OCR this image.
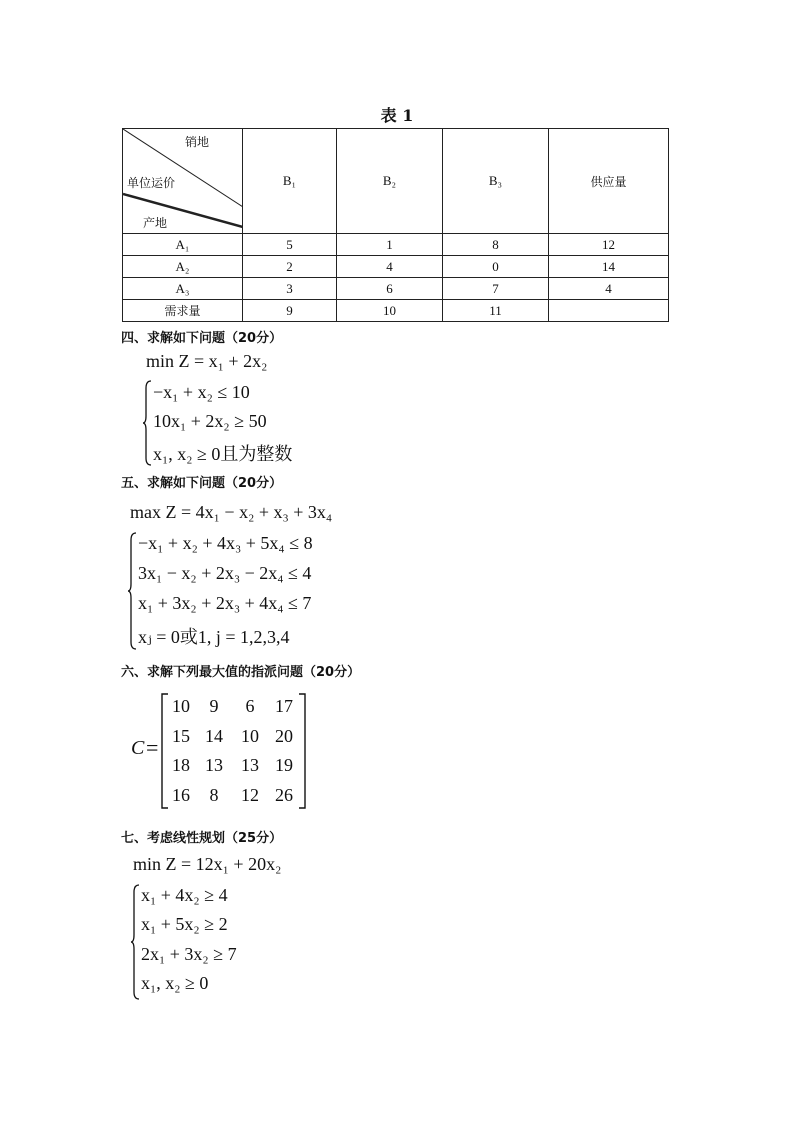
表 1
销地
单位运价
产地	B₁	B₂	B₃	供应量
A₁	5	1	8	12
A₂	2	4	0	14
A₃	3	6	7	4
需求量	9	10	11	
四、求解如下问题（20分）
min Z = x₁ + 2x₂
−x₁ + x₂ ≤ 10
10x₁ + 2x₂ ≥ 50
x₁, x₂ ≥ 0且为整数
五、求解如下问题（20分）
max Z = 4x₁ − x₂ + x₃ + 3x₄
−x₁ + x₂ + 4x₃ + 5x₄ ≤ 8
3x₁ − x₂ + 2x₃ − 2x₄ ≤ 4
x₁ + 3x₂ + 2x₃ + 4x₄ ≤ 7
xⱼ = 0或1, j = 1,2,3,4
六、求解下列最大值的指派问题（20分）
C =
10	9	6	17
15	14	10	20
18	13	13	19
16	8	12	26
七、考虑线性规划（25分）
min Z = 12x₁ + 20x₂
x₁ + 4x₂ ≥ 4
x₁ + 5x₂ ≥ 2
2x₁ + 3x₂ ≥ 7
x₁, x₂ ≥ 0
